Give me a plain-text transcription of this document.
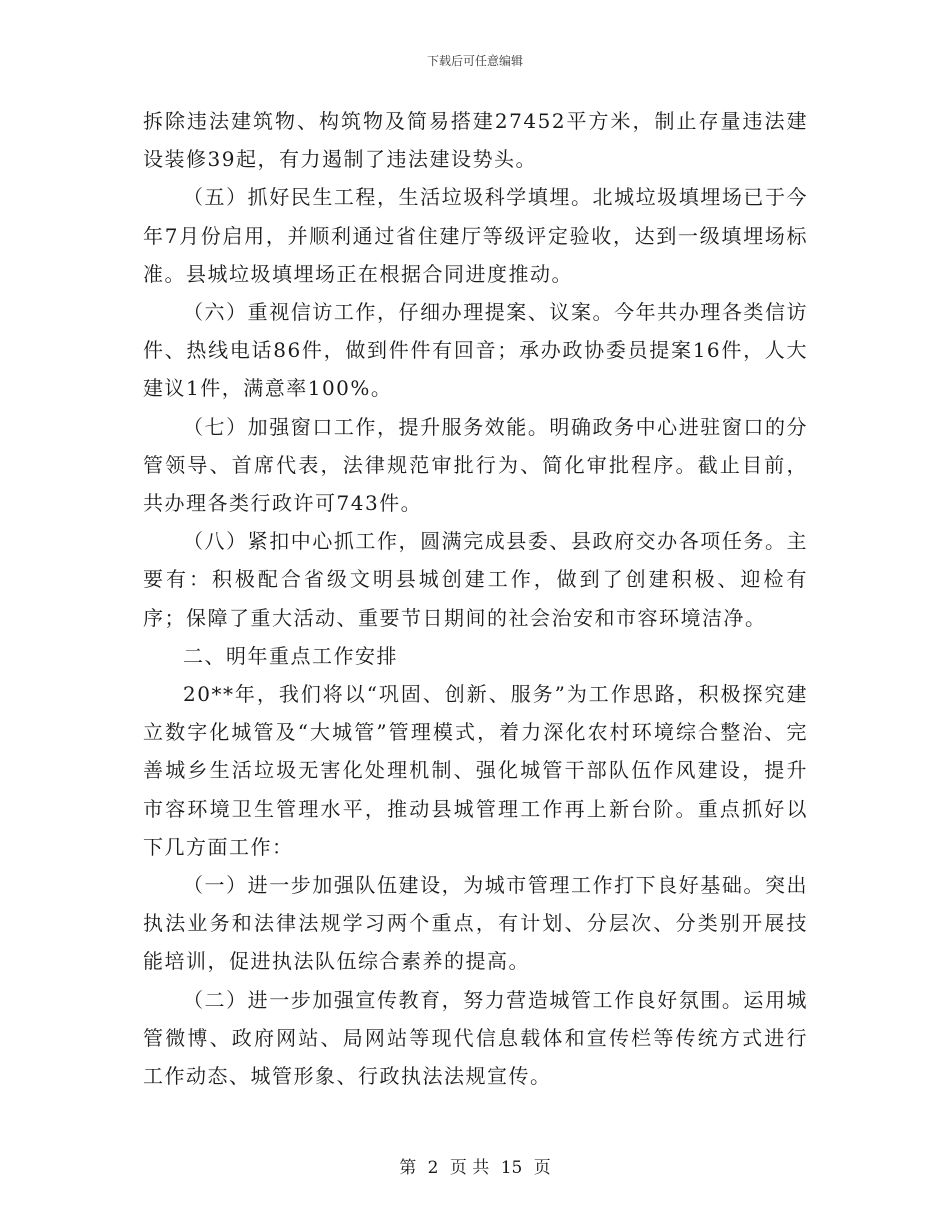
下载后可任意编辑

拆除违法建筑物、构筑物及简易搭建27452平方米，制止存量违法建设装修39起，有力遏制了违法建设势头。

（五）抓好民生工程，生活垃圾科学填埋。北城垃圾填埋场已于今年7月份启用，并顺利通过省住建厅等级评定验收，达到一级填埋场标准。县城垃圾填埋场正在根据合同进度推动。

（六）重视信访工作，仔细办理提案、议案。今年共办理各类信访件、热线电话86件，做到件件有回音；承办政协委员提案16件，人大建议1件，满意率100%。

（七）加强窗口工作，提升服务效能。明确政务中心进驻窗口的分管领导、首席代表，法律规范审批行为、简化审批程序。截止目前，共办理各类行政许可743件。

（八）紧扣中心抓工作，圆满完成县委、县政府交办各项任务。主要有：积极配合省级文明县城创建工作，做到了创建积极、迎检有序；保障了重大活动、重要节日期间的社会治安和市容环境洁净。

二、明年重点工作安排

20**年，我们将以“巩固、创新、服务”为工作思路，积极探究建立数字化城管及“大城管”管理模式，着力深化农村环境综合整治、完善城乡生活垃圾无害化处理机制、强化城管干部队伍作风建设，提升市容环境卫生管理水平，推动县城管理工作再上新台阶。重点抓好以下几方面工作：

（一）进一步加强队伍建设，为城市管理工作打下良好基础。突出执法业务和法律法规学习两个重点，有计划、分层次、分类别开展技能培训，促进执法队伍综合素养的提高。

（二）进一步加强宣传教育，努力营造城管工作良好氛围。运用城管微博、政府网站、局网站等现代信息载体和宣传栏等传统方式进行工作动态、城管形象、行政执法法规宣传。

第 2 页 共 15 页
